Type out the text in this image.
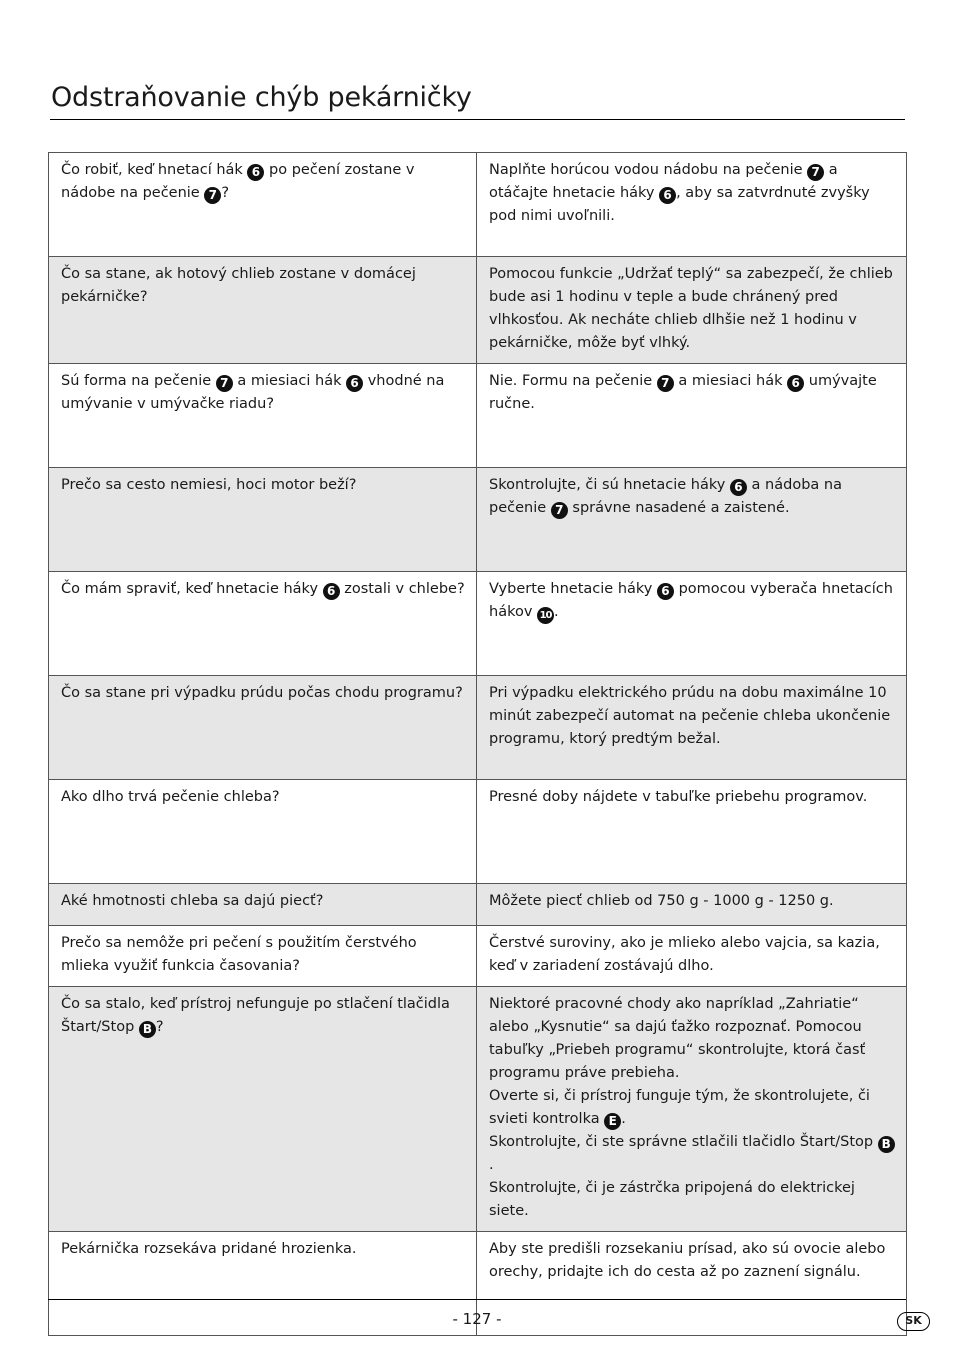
Odstraňovanie chýb pekárničky
Čo robiť, keď hnetací hák 6 po pečení zostane v nádobe na pečenie 7 ?	Naplňte horúcou vodou nádobu na pečenie 7 a otáčajte hnetacie háky 6 , aby sa zatvrdnuté zvyšky pod nimi uvoľnili.

Čo sa stane, ak hotový chlieb zostane v domácej pekárničke?	Pomocou funkcie „Udržať teplý“ sa zabezpečí, že chlieb bude asi 1 hodinu v teple a bude chránený pred vlhkosťou. Ak necháte chlieb dlhšie než 1 hodinu v pekárničke, môže byť vlhký.

Sú forma na pečenie 7 a miesiaci hák 6 vhodné na umývanie v umývačke riadu?	Nie. Formu na pečenie 7 a miesiaci hák 6 umývajte ručne.

Prečo sa cesto nemiesi, hoci motor beží?	Skontrolujte, či sú hnetacie háky 6 a nádoba na pečenie 7 správne nasadené a zaistené.

Čo mám spraviť, keď hnetacie háky 6 zostali v chlebe?	Vyberte hnetacie háky 6 pomocou vyberača hnetacích hákov 10 .

Čo sa stane pri výpadku prúdu počas chodu programu?	Pri výpadku elektrického prúdu na dobu maximálne 10 minút zabezpečí automat na pečenie chleba ukončenie programu, ktorý predtým bežal.

Ako dlho trvá pečenie chleba?	Presné doby nájdete v tabuľke priebehu programov.

Aké hmotnosti chleba sa dajú piecť?	Môžete piecť chlieb od 750 g - 1000 g - 1250 g.

Prečo sa nemôže pri pečení s použitím čerstvého mlieka využiť funkcia časovania?	Čerstvé suroviny, ako je mlieko alebo vajcia, sa kazia, keď v zariadení zostávajú dlho.

Čo sa stalo, keď prístroj nefunguje po stlačení tlačidla Štart/Stop B ?	Niektoré pracovné chody ako napríklad „Zahriatie“ alebo „Kysnutie“ sa dajú ťažko rozpoznať. Pomocou tabuľky „Priebeh programu“ skontrolujte, ktorá časť programu práve prebieha.
Overte si, či prístroj funguje tým, že skontrolujete, či svieti kontrolka E .
Skontrolujte, či ste správne stlačili tlačidlo Štart/Stop B.
Skontrolujte, či je zástrčka pripojená do elektrickej siete.

Pekárnička rozsekáva pridané hrozienka.	Aby ste predišli rozsekaniu prísad, ako sú ovocie alebo orechy, pridajte ich do cesta až po zaznení signálu.
- 127 -	SK
